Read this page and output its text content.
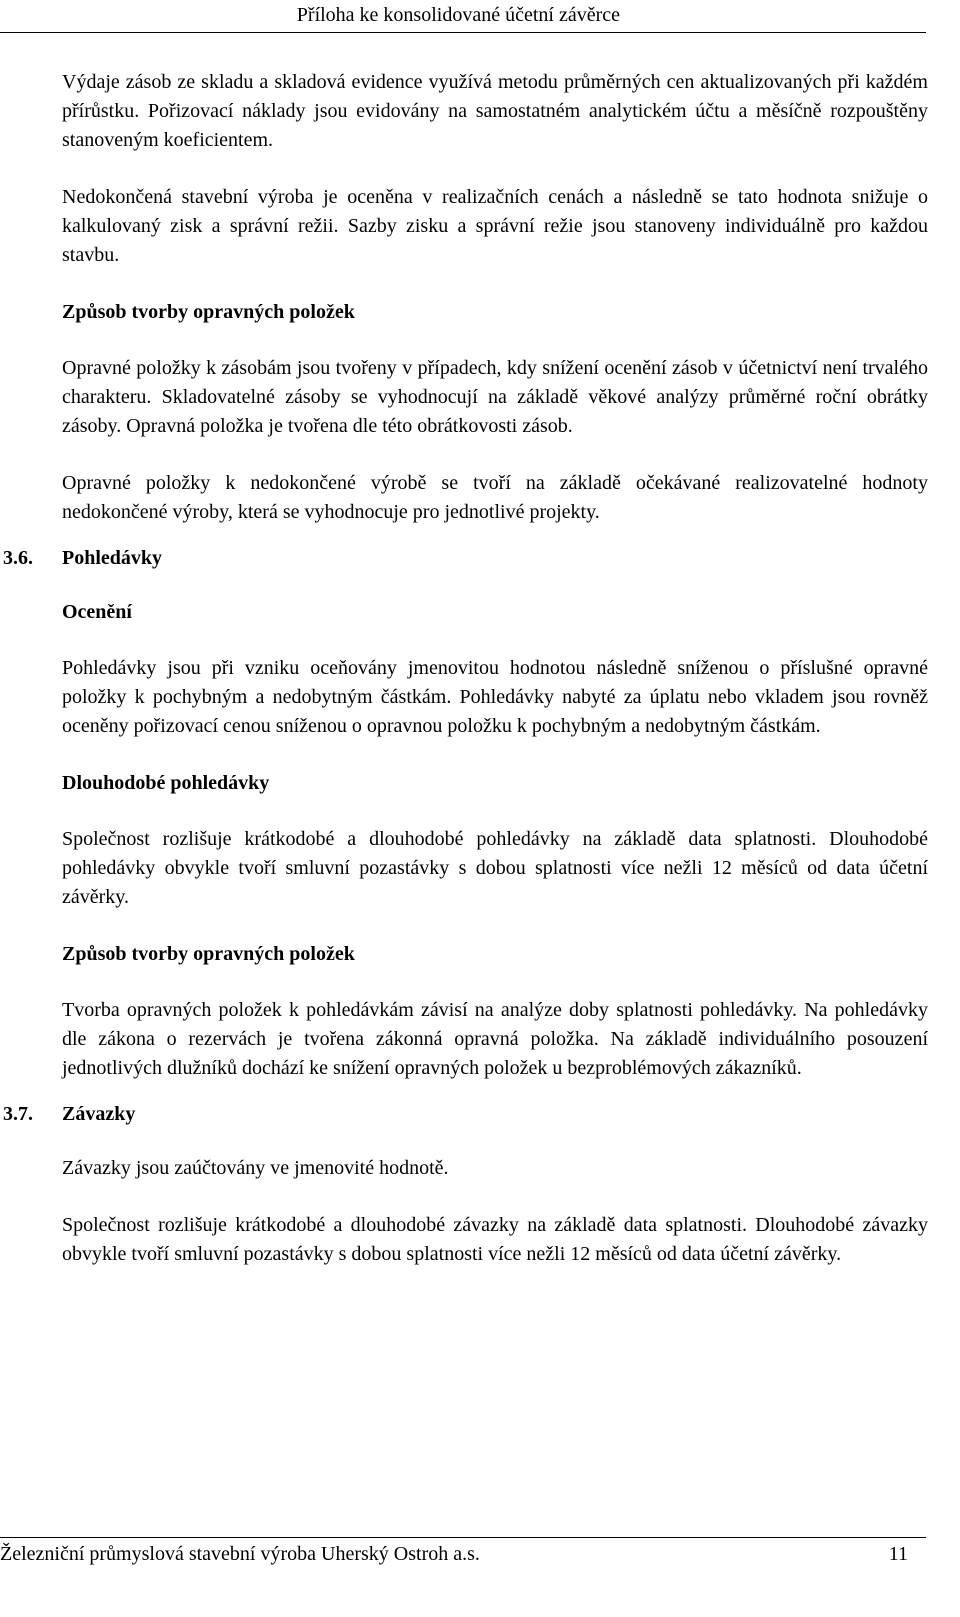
Příloha ke konsolidované účetní závěrce

Výdaje zásob ze skladu a skladová evidence využívá metodu průměrných cen aktualizovaných při každém přírůstku. Pořizovací náklady jsou evidovány na samostatném analytickém účtu a měsíčně rozpouštěny stanoveným koeficientem.

Nedokončená stavební výroba je oceněna v realizačních cenách a následně se tato hodnota snižuje o kalkulovaný zisk a správní režii. Sazby zisku a správní režie jsou stanoveny individuálně pro každou stavbu.

Způsob tvorby opravných položek

Opravné položky k zásobám jsou tvořeny v případech, kdy snížení ocenění zásob v účetnictví není trvalého charakteru. Skladovatelné zásoby se vyhodnocují na základě věkové analýzy průměrné roční obrátky zásoby. Opravná položka je tvořena dle této obrátkovosti zásob.

Opravné položky k nedokončené výrobě se tvoří na základě očekávané realizovatelné hodnoty nedokončené výroby, která se vyhodnocuje pro jednotlivé projekty.

3.6. Pohledávky
Ocenění

Pohledávky jsou při vzniku oceňovány jmenovitou hodnotou následně sníženou o příslušné opravné položky k pochybným a nedobytným částkám. Pohledávky nabyté za úplatu nebo vkladem jsou rovněž oceněny pořizovací cenou sníženou o opravnou položku k pochybným a nedobytným částkám.

Dlouhodobé pohledávky

Společnost rozlišuje krátkodobé a dlouhodobé pohledávky na základě data splatnosti. Dlouhodobé pohledávky obvykle tvoří smluvní pozastávky s dobou splatnosti více nežli 12 měsíců od data účetní závěrky.

Způsob tvorby opravných položek

Tvorba opravných položek k pohledávkám závisí na analýze doby splatnosti pohledávky. Na pohledávky dle zákona o rezervách je tvořena zákonná opravná položka. Na základě individuálního posouzení jednotlivých dlužníků dochází ke snížení opravných položek u bezproblémových zákazníků.

3.7. Závazky

Závazky jsou zaúčtovány ve jmenovité hodnotě.

Společnost rozlišuje krátkodobé a dlouhodobé závazky na základě data splatnosti. Dlouhodobé závazky obvykle tvoří smluvní pozastávky s dobou splatnosti více nežli 12 měsíců od data účetní závěrky.

Železniční průmyslová stavební výroba Uherský Ostroh a.s.	11
